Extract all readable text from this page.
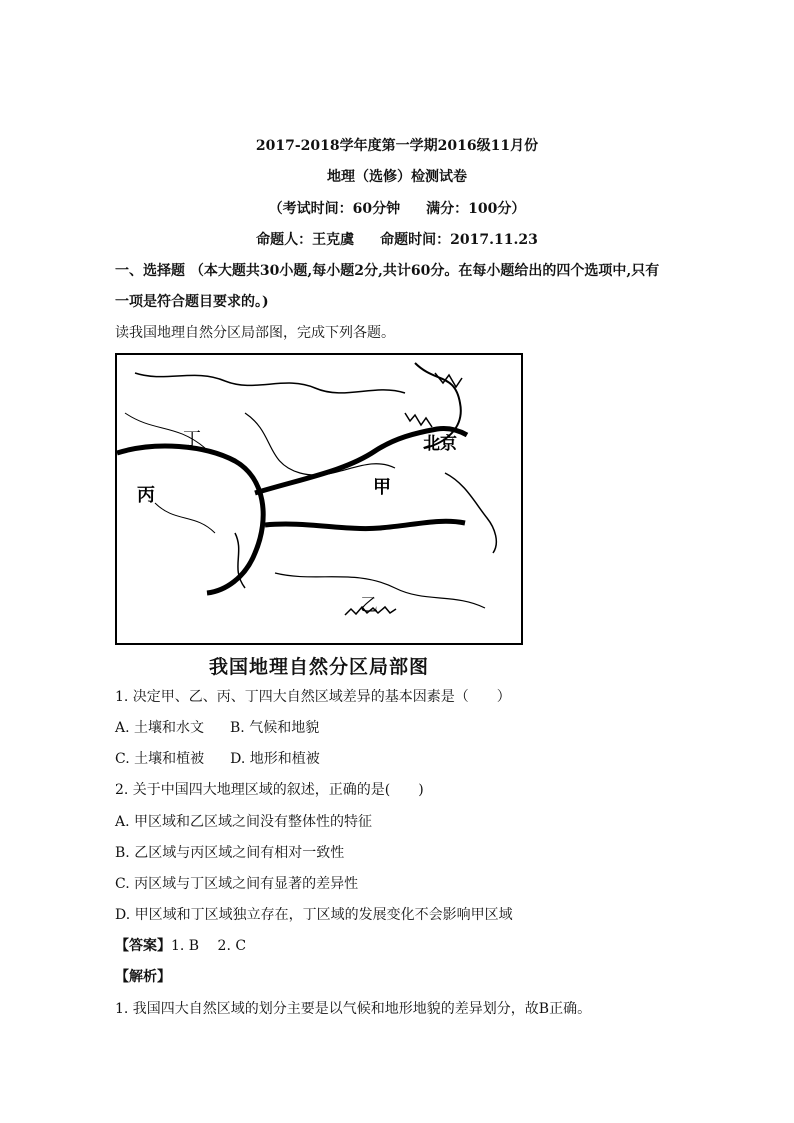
2017-2018学年度第一学期2016级11月份
地理（选修）检测试卷
（考试时间：60分钟 满分：100分）
命题人：王克虞 命题时间：2017.11.23
一、选择题 （本大题共30小题,每小题2分,共计60分。在每小题给出的四个选项中,只有
一项是符合题目要求的。)
读我国地理自然分区局部图，完成下列各题。
丁
丙	甲
乙
北京
我国地理自然分区局部图
1. 决定甲、乙、丙、丁四大自然区域差异的基本因素是（　　）
A. 土壤和水文 B. 气候和地貌
C. 土壤和植被 D. 地形和植被
2. 关于中国四大地理区域的叙述，正确的是(　　)
A. 甲区域和乙区域之间没有整体性的特征
B. 乙区域与丙区域之间有相对一致性
C. 丙区域与丁区域之间有显著的差异性
D. 甲区域和丁区域独立存在，丁区域的发展变化不会影响甲区域
【答案】1. B　 2. C
【解析】
1. 我国四大自然区域的划分主要是以气候和地形地貌的差异划分，故B正确。
